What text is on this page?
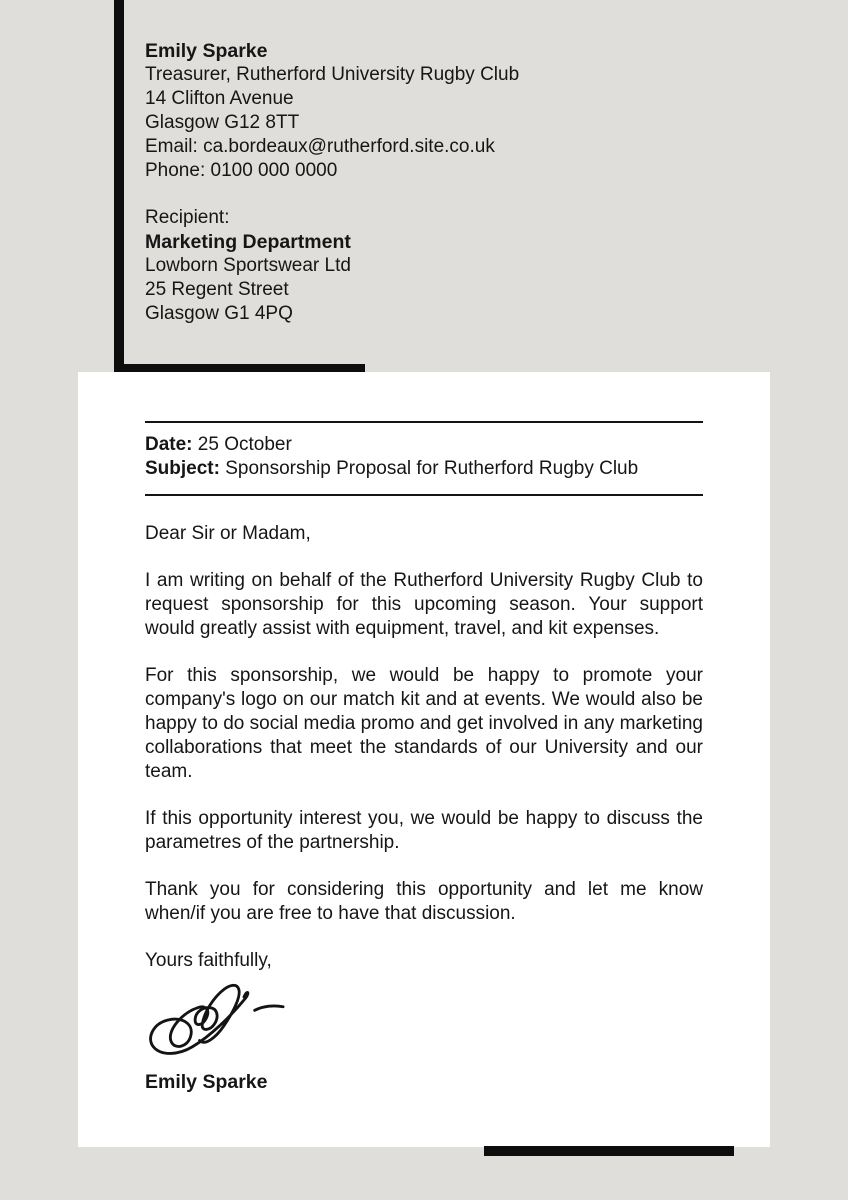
Emily Sparke

Treasurer, Rutherford University Rugby Club

14 Clifton Avenue

Glasgow G12 8TT

Email: ca.bordeaux@rutherford.site.co.uk

Phone: 0100 000 0000

Recipient:

Marketing Department

Lowborn Sportswear Ltd

25 Regent Street

Glasgow G1 4PQ

Date: 25 October

Subject: Sponsorship Proposal for Rutherford Rugby Club

Dear Sir or Madam,

I am writing on behalf of the Rutherford University Rugby Club to request sponsorship for this upcoming season. Your support would greatly assist with equipment, travel, and kit expenses.

For this sponsorship, we would be happy to promote your company's logo on our match kit and at events. We would also be happy to do social media promo and get involved in any marketing collaborations that meet the standards of our University and our team.

If this opportunity interest you, we would be happy to discuss the parametres of the partnership.

Thank you for considering this opportunity and let me know when/if you are free to have that discussion.

Yours faithfully,

Emily Sparke
